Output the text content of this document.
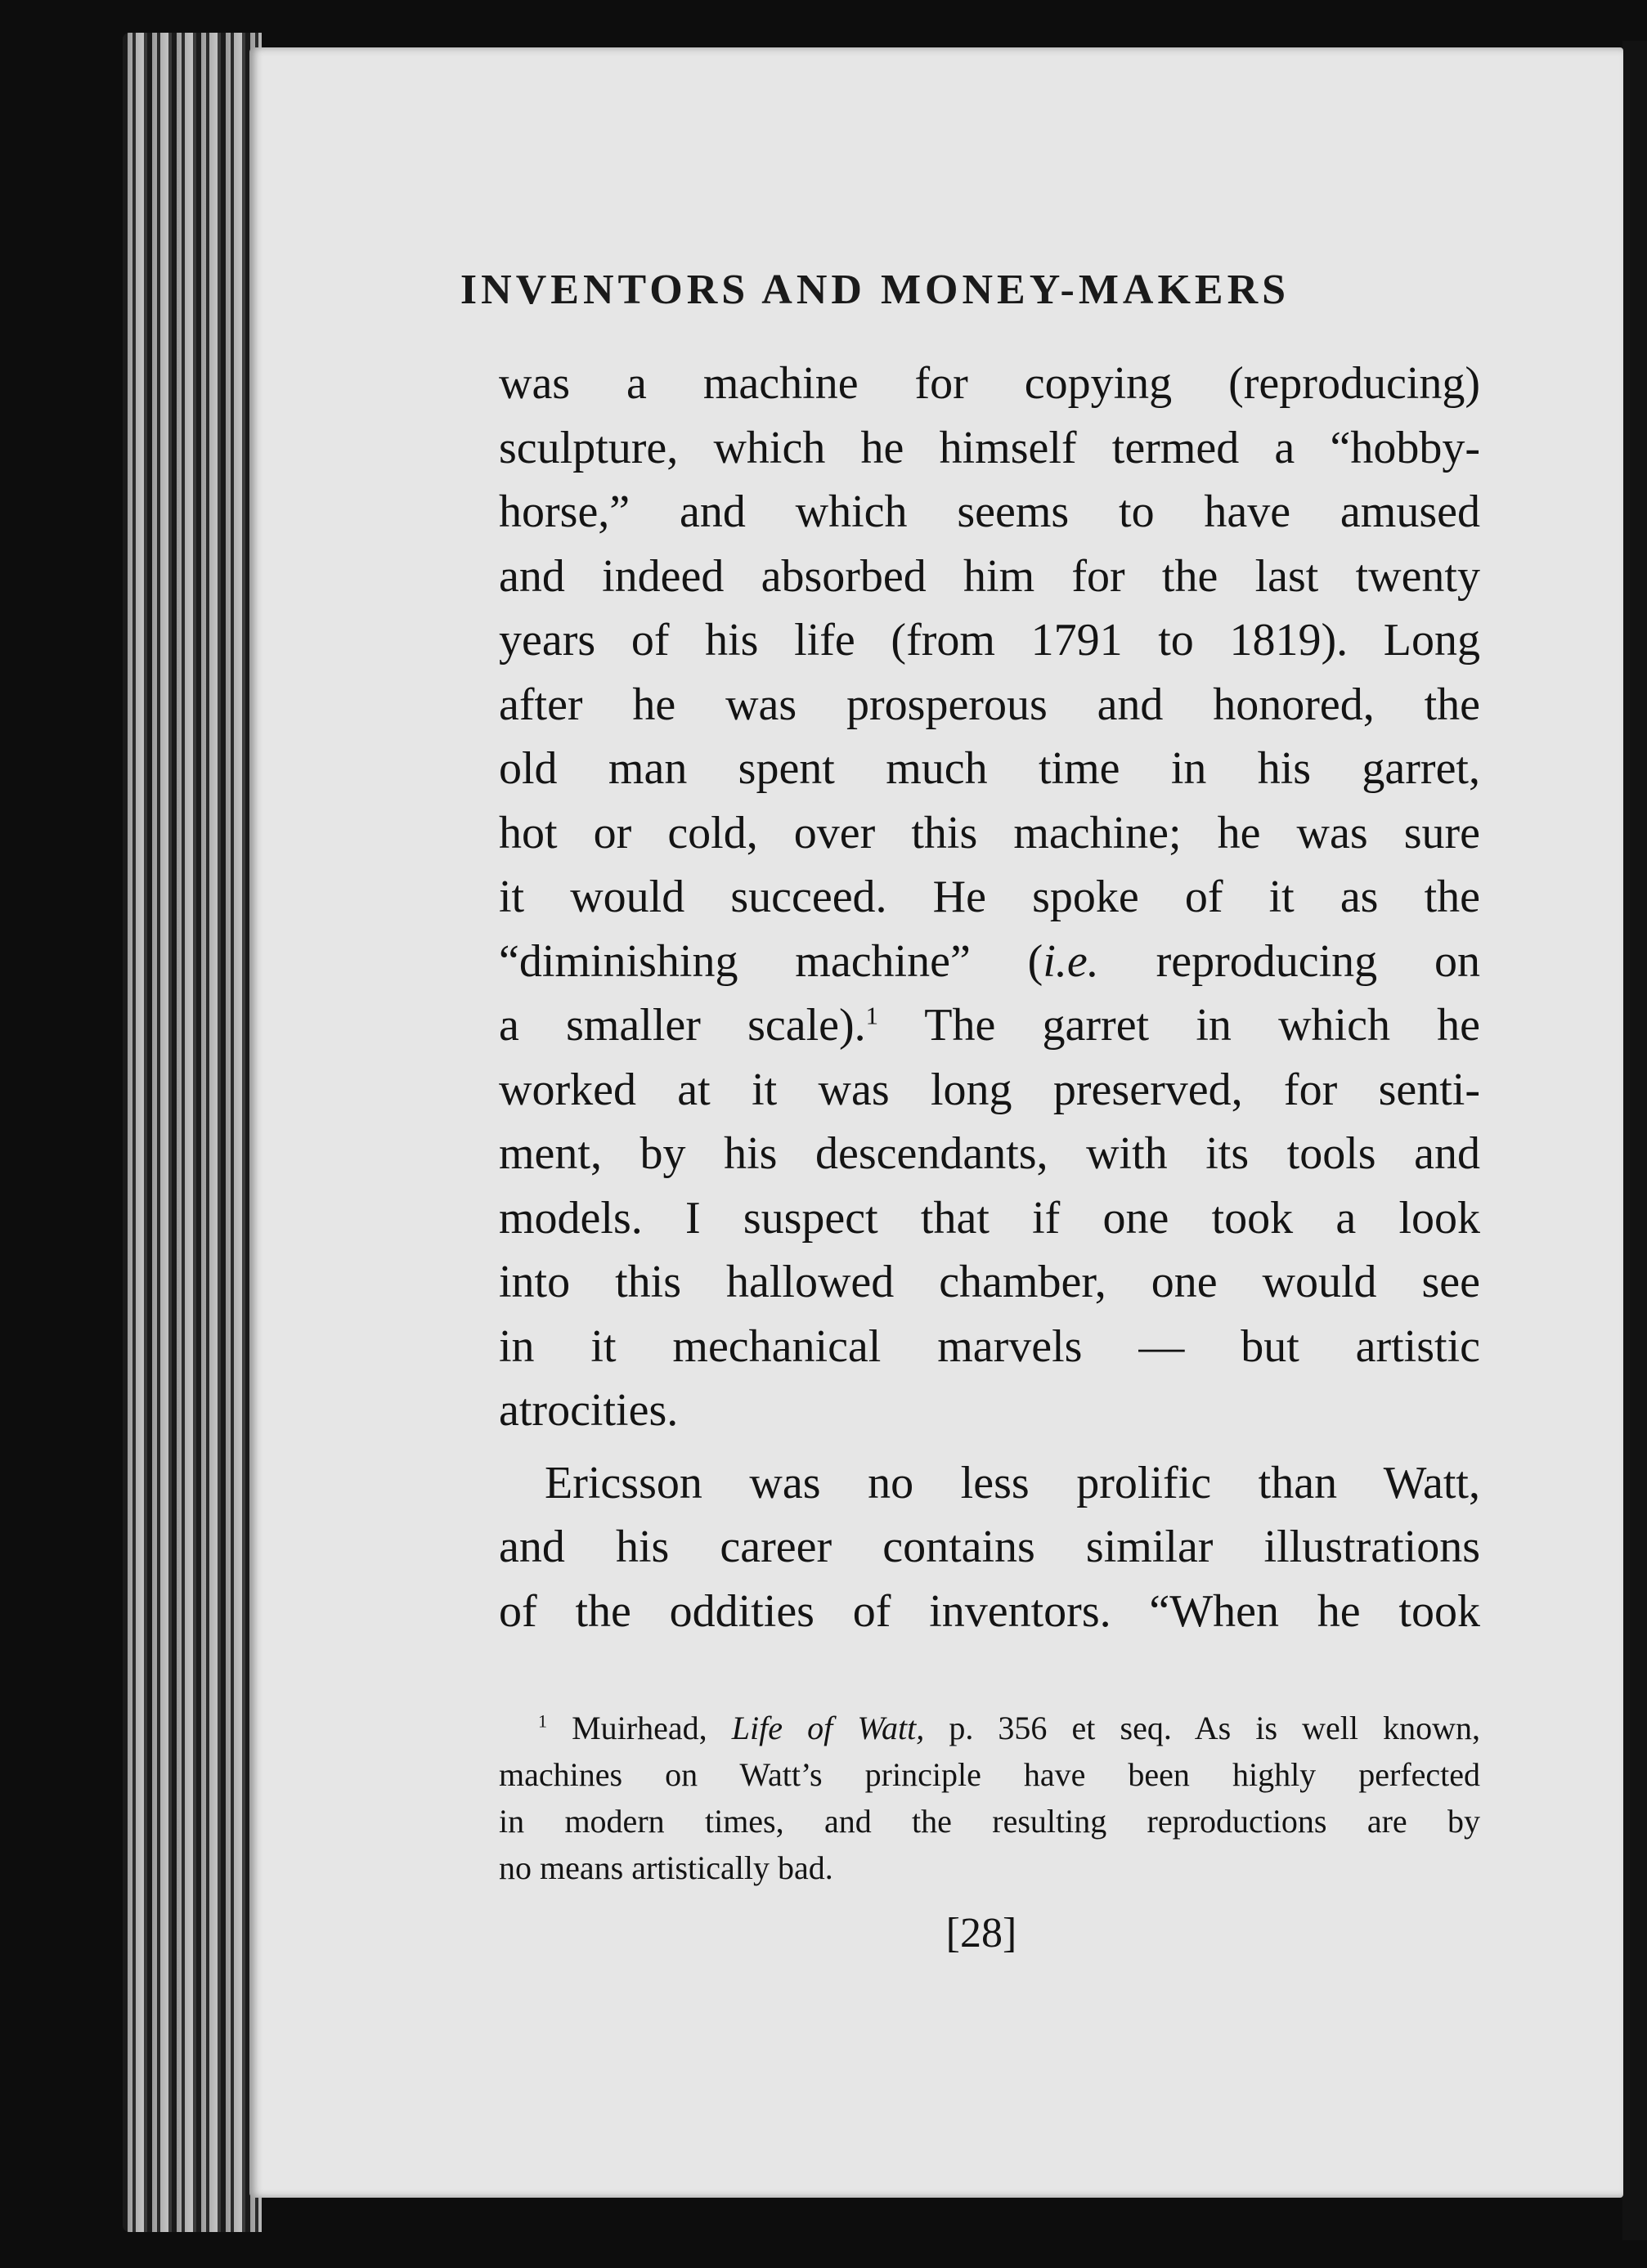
INVENTORS AND MONEY-MAKERS
was a machine for copying (reproducing)
sculpture, which he himself termed a “hobby-
horse,” and which seems to have amused
and indeed absorbed him for the last twenty
years of his life (from 1791 to 1819). Long
after he was prosperous and honored, the
old man spent much time in his garret,
hot or cold, over this machine; he was sure
it would succeed. He spoke of it as the
“diminishing machine” (i.e. reproducing on
a smaller scale).$^1$ The garret in which he
worked at it was long preserved, for senti-
ment, by his descendants, with its tools and
models. I suspect that if one took a look
into this hallowed chamber, one would see
in it mechanical marvels — but artistic
atrocities.
Ericsson was no less prolific than Watt,
and his career contains similar illustrations
of the oddities of inventors. “When he took
$^1$ Muirhead, Life of Watt, p. 356 et seq. As is well known,
machines on Watt’s principle have been highly perfected
in modern times, and the resulting reproductions are by
no means artistically bad.
[28]
